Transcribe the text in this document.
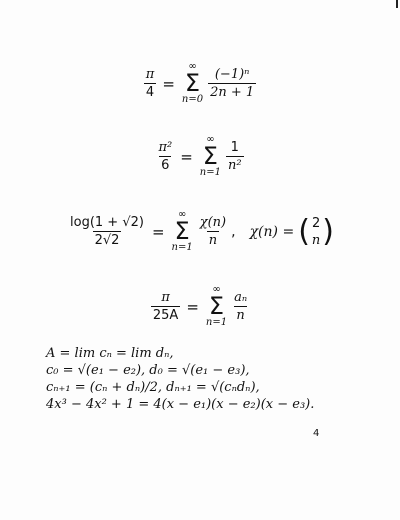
$\frac{\pi}{4}$ =
∞
Σ
$n=0 \frac{\text{(−1)ⁿ}}{2n + 1}$
$\frac{\text{π²}}{6}$ =
∞
Σ
$n=1 \frac{1}{\text{n²}}$
$\frac{\log(1 + √2)}{2√2}$ =
∞
Σ
$n=1 \frac{\chi(n)}{n}$ , χ(n) = ( 2
n )
$\frac{\pi}{25A}$ =
∞
Σ
$n=1 \frac{\text{aₙ}}{n}$
A = lim cₙ = lim dₙ,
c₀ = √(e₁ − e₂), d₀ = √(e₁ − e₃),
cₙ₊₁ = (cₙ + dₙ)/2, dₙ₊₁ = √(cₙdₙ),
4x³ − 4x² + 1 = 4(x − e₁)(x − e₂)(x − e₃).
4
